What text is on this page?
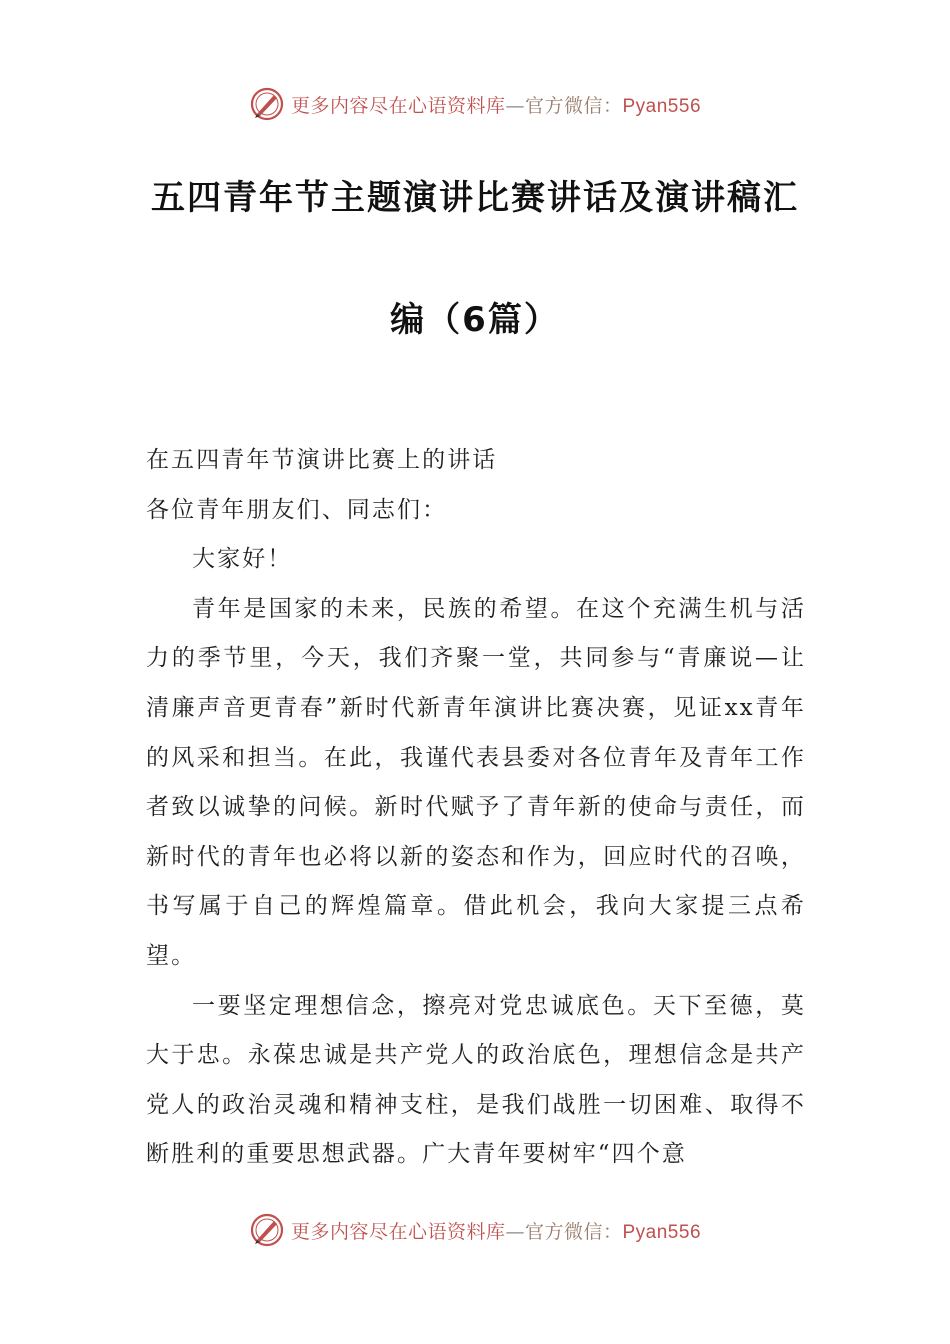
更多内容尽在心语资料库—官方微信：Pyan556
五四青年节主题演讲比赛讲话及演讲稿汇
编（6篇）

在五四青年节演讲比赛上的讲话

各位青年朋友们、同志们：

大家好！

青年是国家的未来，民族的希望。在这个充满生机与活力的季节里，今天，我们齐聚一堂，共同参与“青廉说—让清廉声音更青春”新时代新青年演讲比赛决赛，见证xx青年的风采和担当。在此，我谨代表县委对各位青年及青年工作者致以诚挚的问候。新时代赋予了青年新的使命与责任，而新时代的青年也必将以新的姿态和作为，回应时代的召唤，书写属于自己的辉煌篇章。借此机会，我向大家提三点希望。

一要坚定理想信念，擦亮对党忠诚底色。天下至德，莫大于忠。永葆忠诚是共产党人的政治底色，理想信念是共产党人的政治灵魂和精神支柱，是我们战胜一切困难、取得不断胜利的重要思想武器。广大青年要树牢“四个意

更多内容尽在心语资料库—官方微信：Pyan556
